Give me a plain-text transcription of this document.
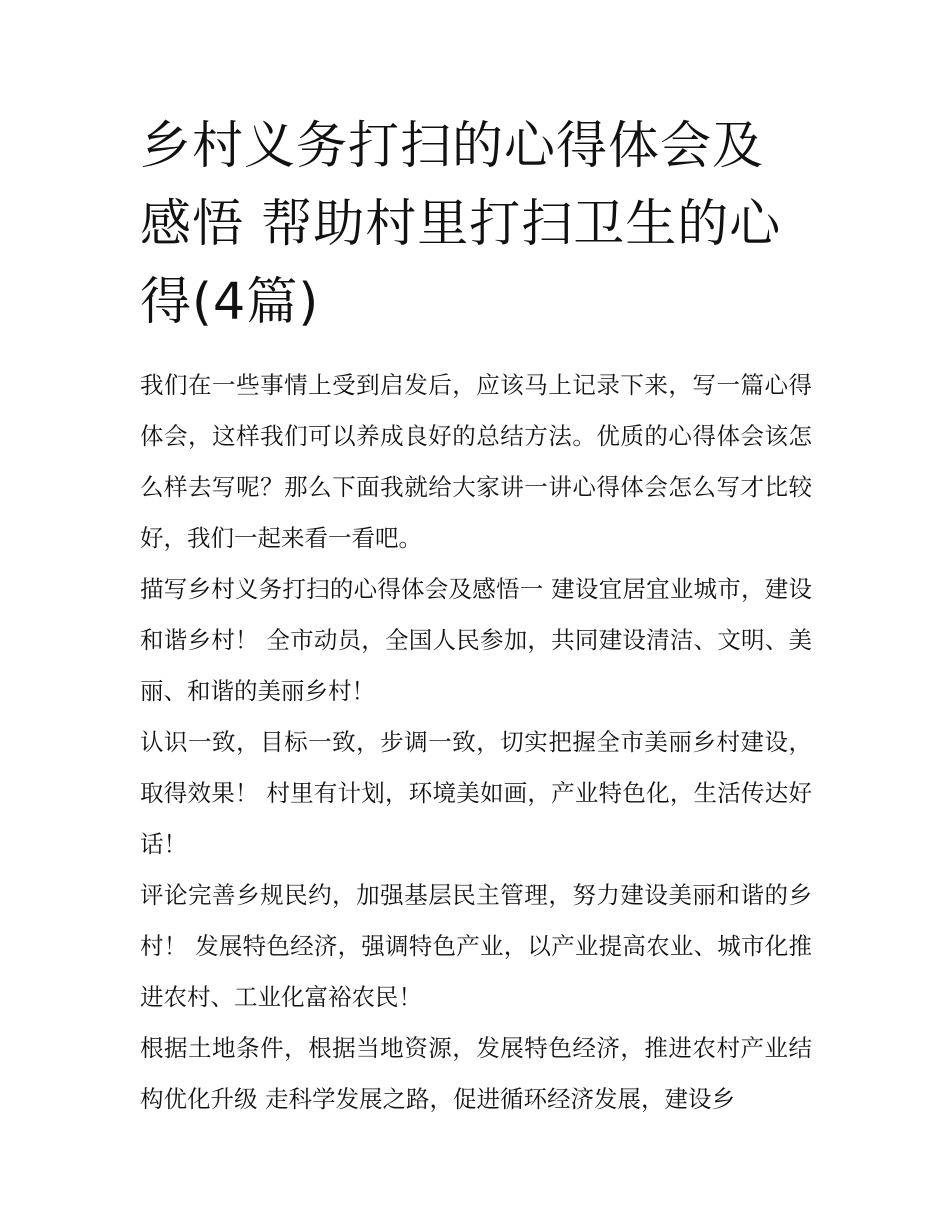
乡村义务打扫的心得体会及感悟 帮助村里打扫卫生的心得(4篇)

我们在一些事情上受到启发后，应该马上记录下来，写一篇心得体会，这样我们可以养成良好的总结方法。优质的心得体会该怎么样去写呢？那么下面我就给大家讲一讲心得体会怎么写才比较好，我们一起来看一看吧。

描写乡村义务打扫的心得体会及感悟一 建设宜居宜业城市，建设和谐乡村！ 全市动员，全国人民参加，共同建设清洁、文明、美丽、和谐的美丽乡村！

认识一致，目标一致，步调一致，切实把握全市美丽乡村建设，取得效果！ 村里有计划，环境美如画，产业特色化，生活传达好话！

评论完善乡规民约，加强基层民主管理，努力建设美丽和谐的乡村！ 发展特色经济，强调特色产业，以产业提高农业、城市化推进农村、工业化富裕农民！

根据土地条件，根据当地资源，发展特色经济，推进农村产业结构优化升级 走科学发展之路，促进循环经济发展，建设乡
